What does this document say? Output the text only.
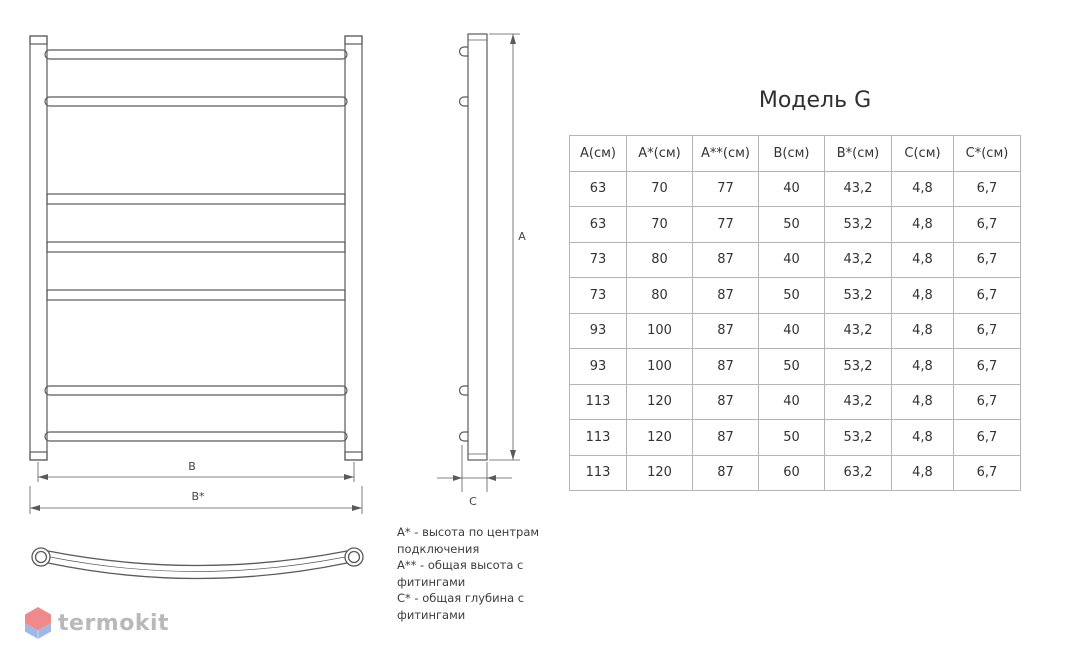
B
B*
A
C
Модель G
A(см)	A*(см)	A**(см)	B(см)	B*(см)	C(см)	C*(см)
63	70	77	40	43,2	4,8	6,7
63	70	77	50	53,2	4,8	6,7
73	80	87	40	43,2	4,8	6,7
73	80	87	50	53,2	4,8	6,7
93	100	87	40	43,2	4,8	6,7
93	100	87	50	53,2	4,8	6,7
113	120	87	40	43,2	4,8	6,7
113	120	87	50	53,2	4,8	6,7
113	120	87	60	63,2	4,8	6,7
A* - высота по центрам подключения
A** - общая высота с фитингами
C* - общая глубина с фитингами
termokit
